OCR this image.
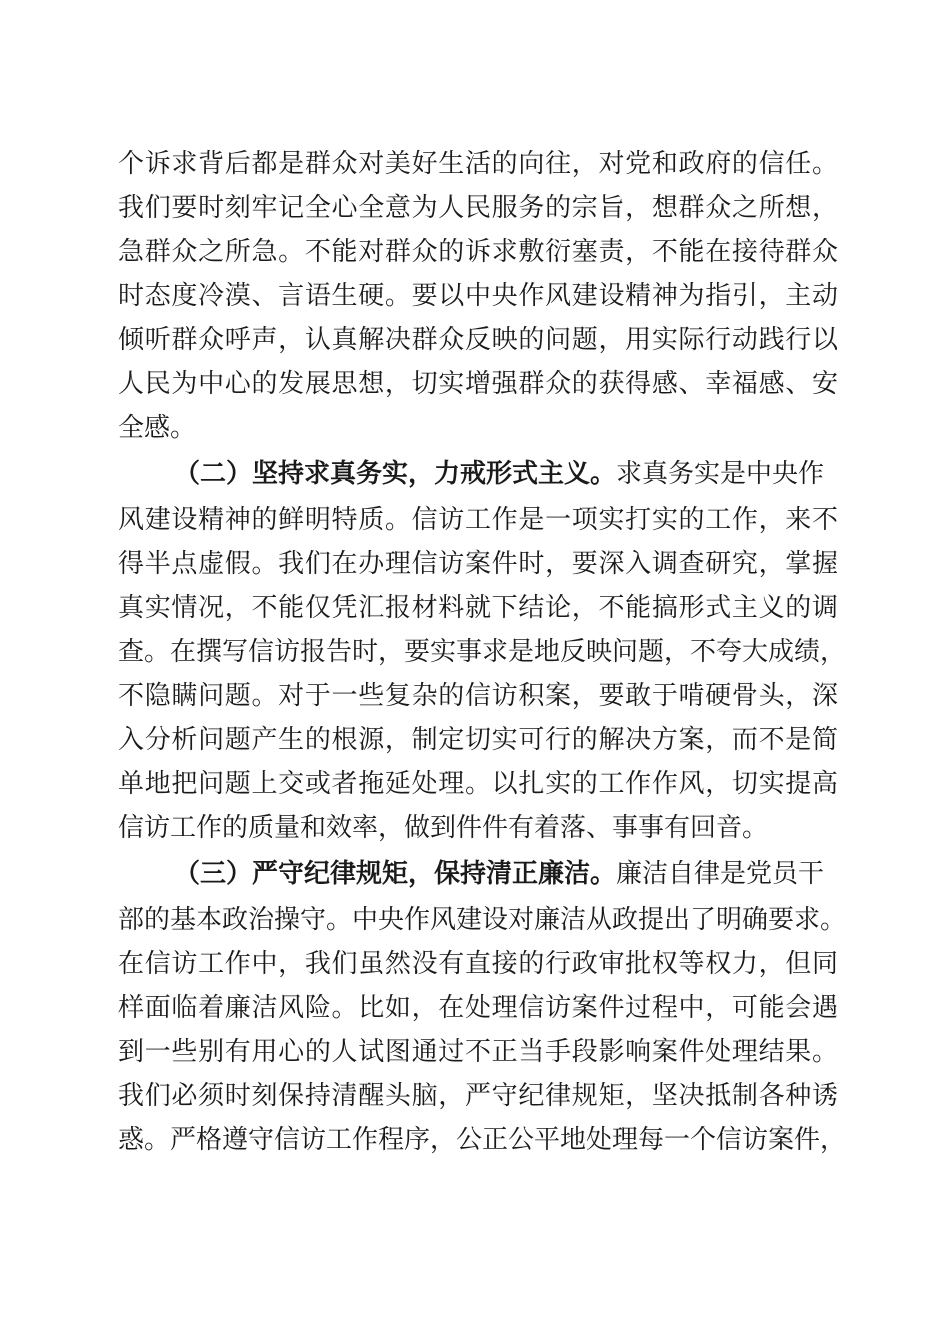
个诉求背后都是群众对美好生活的向往，对党和政府的信任。
我们要时刻牢记全心全意为人民服务的宗旨，想群众之所想，
急群众之所急。不能对群众的诉求敷衍塞责，不能在接待群众
时态度冷漠、言语生硬。要以中央作风建设精神为指引，主动
倾听群众呼声，认真解决群众反映的问题，用实际行动践行以
人民为中心的发展思想，切实增强群众的获得感、幸福感、安
全感。
（二）坚持求真务实，力戒形式主义。求真务实是中央作
风建设精神的鲜明特质。信访工作是一项实打实的工作，来不
得半点虚假。我们在办理信访案件时，要深入调查研究，掌握
真实情况，不能仅凭汇报材料就下结论，不能搞形式主义的调
查。在撰写信访报告时，要实事求是地反映问题，不夸大成绩，
不隐瞒问题。对于一些复杂的信访积案，要敢于啃硬骨头，深
入分析问题产生的根源，制定切实可行的解决方案，而不是简
单地把问题上交或者拖延处理。以扎实的工作作风，切实提高
信访工作的质量和效率，做到件件有着落、事事有回音。
（三）严守纪律规矩，保持清正廉洁。廉洁自律是党员干
部的基本政治操守。中央作风建设对廉洁从政提出了明确要求。
在信访工作中，我们虽然没有直接的行政审批权等权力，但同
样面临着廉洁风险。比如，在处理信访案件过程中，可能会遇
到一些别有用心的人试图通过不正当手段影响案件处理结果。
我们必须时刻保持清醒头脑，严守纪律规矩，坚决抵制各种诱
惑。严格遵守信访工作程序，公正公平地处理每一个信访案件，
